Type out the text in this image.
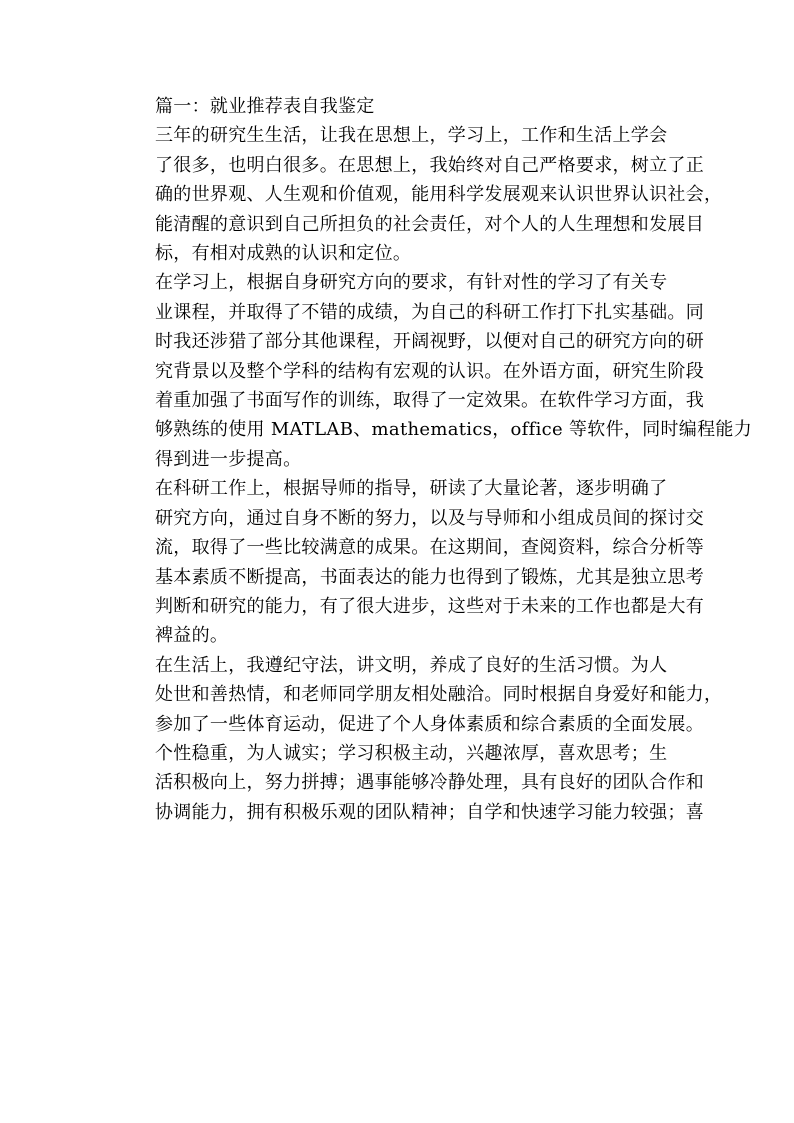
篇一：就业推荐表自我鉴定

三年的研究生生活，让我在思想上，学习上，工作和生活上学会
了很多，也明白很多。在思想上，我始终对自己严格要求，树立了正
确的世界观、人生观和价值观，能用科学发展观来认识世界认识社会，
能清醒的意识到自己所担负的社会责任，对个人的人生理想和发展目
标，有相对成熟的认识和定位。

在学习上，根据自身研究方向的要求，有针对性的学习了有关专
业课程，并取得了不错的成绩，为自己的科研工作打下扎实基础。同
时我还涉猎了部分其他课程，开阔视野，以便对自己的研究方向的研
究背景以及整个学科的结构有宏观的认识。在外语方面，研究生阶段
着重加强了书面写作的训练，取得了一定效果。在软件学习方面，我
够熟练的使用 MATLAB、mathematics，office 等软件，同时编程能力
得到进一步提高。

在科研工作上，根据导师的指导，研读了大量论著，逐步明确了
研究方向，通过自身不断的努力，以及与导师和小组成员间的探讨交
流，取得了一些比较满意的成果。在这期间，查阅资料，综合分析等
基本素质不断提高，书面表达的能力也得到了锻炼，尤其是独立思考
判断和研究的能力，有了很大进步，这些对于未来的工作也都是大有
裨益的。

在生活上，我遵纪守法，讲文明，养成了良好的生活习惯。为人
处世和善热情，和老师同学朋友相处融洽。同时根据自身爱好和能力，
参加了一些体育运动，促进了个人身体素质和综合素质的全面发展。

个性稳重，为人诚实；学习积极主动，兴趣浓厚，喜欢思考；生
活积极向上，努力拼搏；遇事能够冷静处理，具有良好的团队合作和
协调能力，拥有积极乐观的团队精神；自学和快速学习能力较强；喜
